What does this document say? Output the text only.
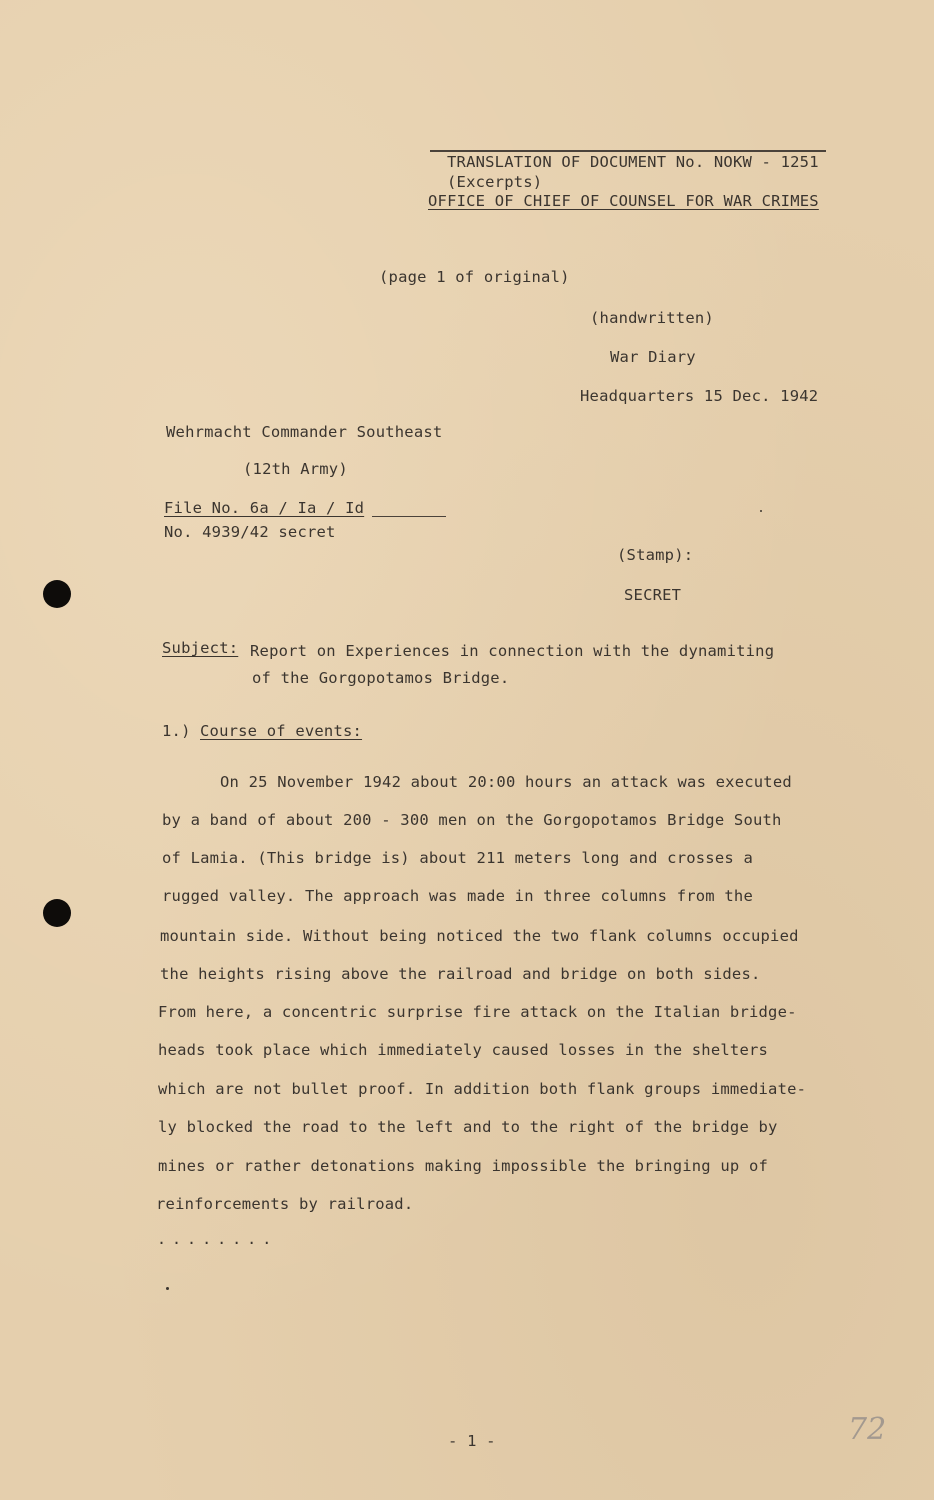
TRANSLATION OF DOCUMENT No. NOKW - 1251
(Excerpts)
OFFICE OF CHIEF OF COUNSEL FOR WAR CRIMES
(page 1 of original)
(handwritten)
War Diary
Headquarters 15 Dec. 1942
Wehrmacht Commander Southeast
(12th Army)
File No. 6a / Ia / Id
No. 4939/42 secret
(Stamp):
SECRET
Subject: Report on Experiences in connection with the dynamiting
of the Gorgopotamos Bridge.
1.) Course of events:
On 25 November 1942 about 20:00 hours an attack was executed
by a band of about 200 - 300 men on the Gorgopotamos Bridge South
of Lamia. (This bridge is) about 211 meters long and crosses a
rugged valley. The approach was made in three columns from the
mountain side. Without being noticed the two flank columns occupied
the heights rising above the railroad and bridge on both sides.
From here, a concentric surprise fire attack on the Italian bridge-
heads took place which immediately caused losses in the shelters
which are not bullet proof. In addition both flank groups immediate-
ly blocked the road to the left and to the right of the bridge by
mines or rather detonations making impossible the bringing up of
reinforcements by railroad.
........
- 1 -	72
